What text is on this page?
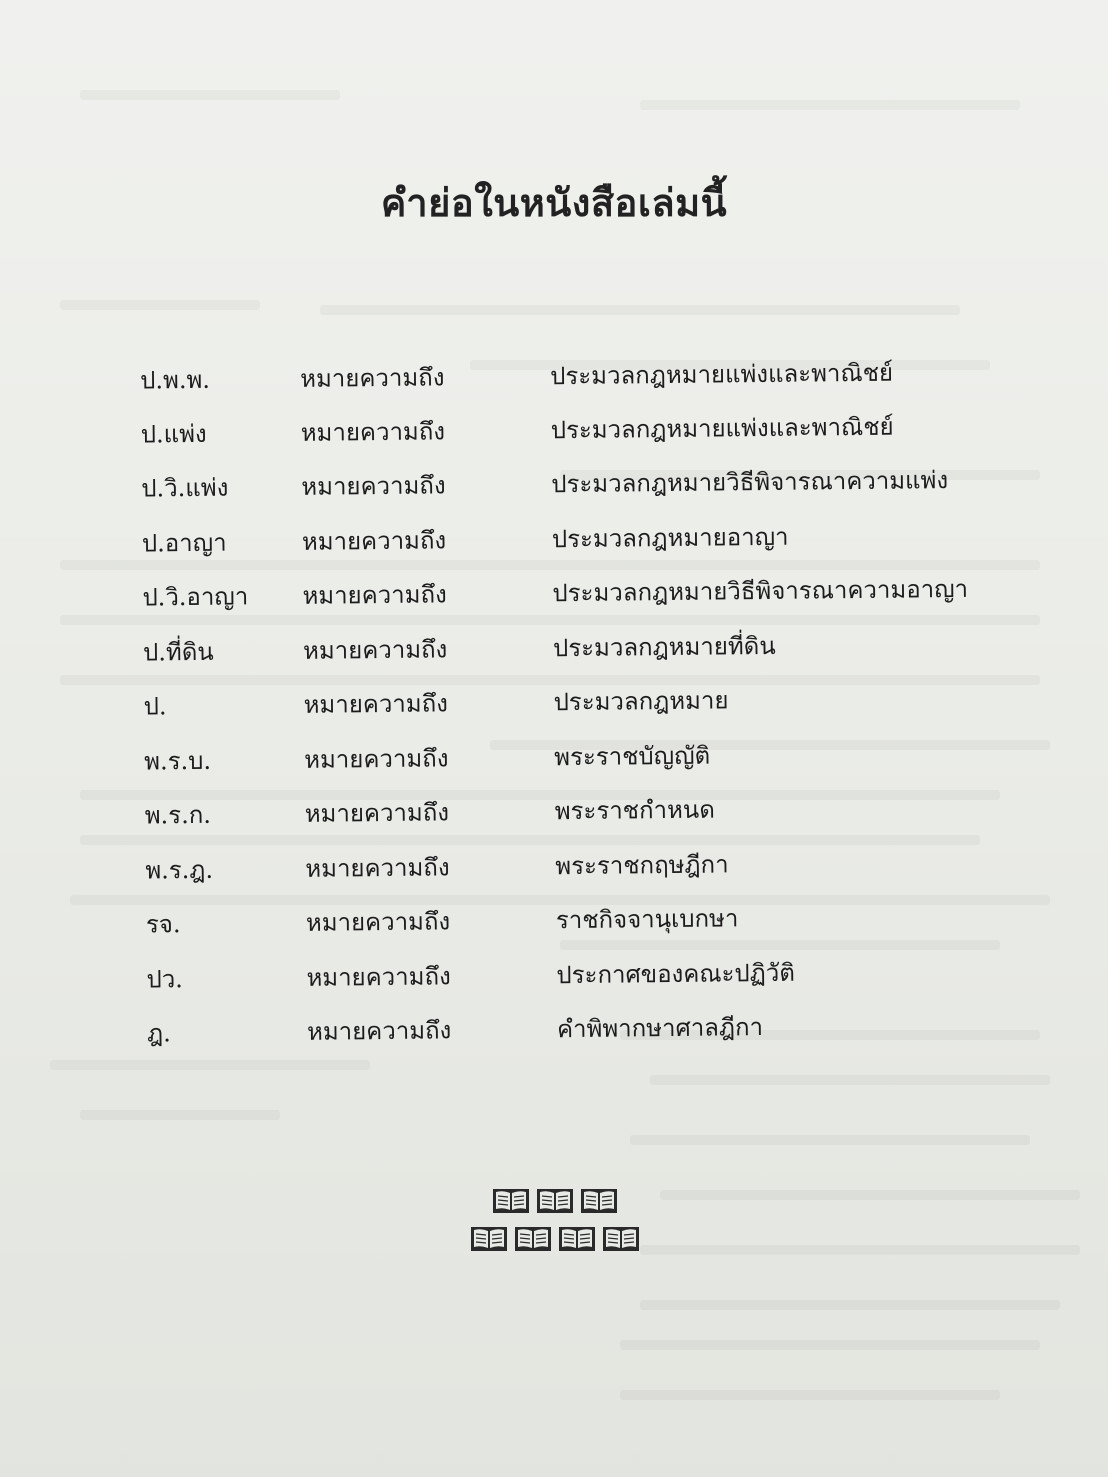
คำย่อในหนังสือเล่มนี้
ป.พ.พ.	หมายความถึง	ประมวลกฎหมายแพ่งและพาณิชย์
ป.แพ่ง	หมายความถึง	ประมวลกฎหมายแพ่งและพาณิชย์
ป.วิ.แพ่ง	หมายความถึง	ประมวลกฎหมายวิธีพิจารณาความแพ่ง
ป.อาญา	หมายความถึง	ประมวลกฎหมายอาญา
ป.วิ.อาญา	หมายความถึง	ประมวลกฎหมายวิธีพิจารณาความอาญา
ป.ที่ดิน	หมายความถึง	ประมวลกฎหมายที่ดิน
ป.	หมายความถึง	ประมวลกฎหมาย
พ.ร.บ.	หมายความถึง	พระราชบัญญัติ
พ.ร.ก.	หมายความถึง	พระราชกำหนด
พ.ร.ฎ.	หมายความถึง	พระราชกฤษฎีกา
รจ.	หมายความถึง	ราชกิจจานุเบกษา
ปว.	หมายความถึง	ประกาศของคณะปฏิวัติ
ฎ.	หมายความถึง	คำพิพากษาศาลฎีกา
